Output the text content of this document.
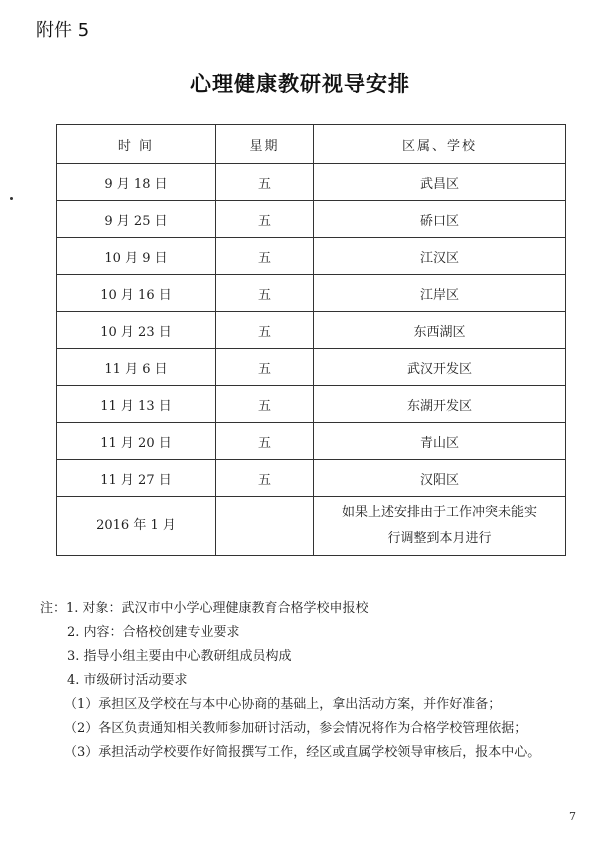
附件 5
心理健康教研视导安排
时 间	星期	区属、学校
9 月 18 日	五	武昌区
9 月 25 日	五	硚口区
10 月 9 日	五	江汉区
10 月 16 日	五	江岸区
10 月 23 日	五	东西湖区
11 月 6 日	五	武汉开发区
11 月 13 日	五	东湖开发区
11 月 20 日	五	青山区
11 月 27 日	五	汉阳区
2016 年 1 月		如果上述安排由于工作冲突未能实
行调整到本月进行
注： 1. 对象：武汉市中小学心理健康教育合格学校申报校
2. 内容：合格校创建专业要求
3. 指导小组主要由中心教研组成员构成
4. 市级研讨活动要求
（1）承担区及学校在与本中心协商的基础上，拿出活动方案，并作好准备；
（2）各区负责通知相关教师参加研讨活动，参会情况将作为合格学校管理依据；
（3）承担活动学校要作好简报撰写工作，经区或直属学校领导审核后，报本中心。
7
